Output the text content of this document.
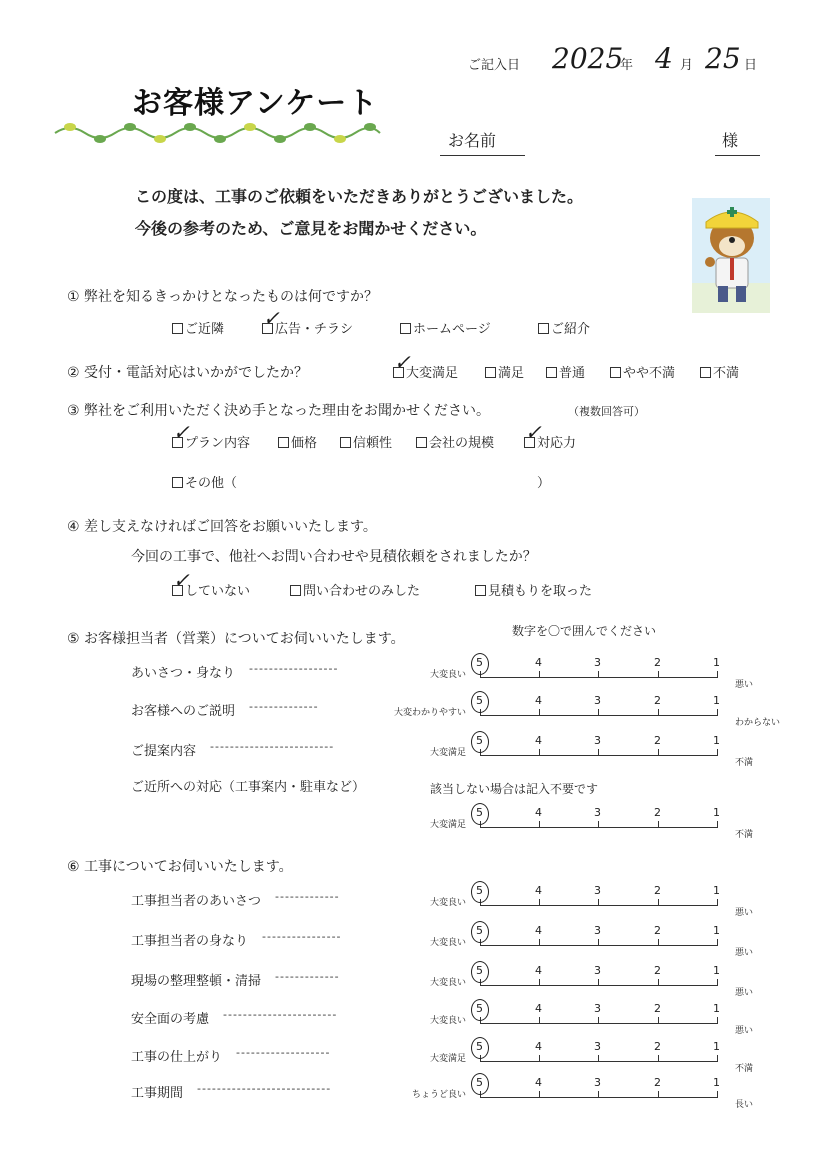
ご記入日 2025
年 4 月 25 日
お客様アンケート
お名前	様
この度は、工事のご依頼をいただきありがとうございました。
今後の参考のため、ご意見をお聞かせください。
① 弊社を知るきっかけとなったものは何ですか？
ご近隣	広告・チラシ
✓	ホームページ	ご紹介
② 受付・電話対応はいかがでしたか？	大変満足
✓	満足	普通	やや不満	不満
③ 弊社をご利用いただく決め手となった理由をお聞かせください。	（複数回答可）
プラン内容
✓	価格	信頼性	会社の規模	対応力
✓
その他（	）
④ 差し支えなければご回答をお願いいたします。
今回の工事で、他社へお問い合わせや見積依頼をされましたか？
していない
✓	問い合わせのみした	見積もりを取った
⑤ お客様担当者（営業）についてお伺いいたします。	数字を〇で囲んでください
該当しない場合は記入不要です
あいさつ・身なり ------------------	大変良い
5	4	3	2	1
悪い
お客様へのご説明 --------------	大変わかりやすい
5	4	3	2	1
わからない
ご提案内容 -------------------------	大変満足
5	4	3	2	1
不満
ご近所への対応（工事案内・駐車など）
大変満足
5	4	3	2	1
不満
⑥ 工事についてお伺いいたします。
工事担当者のあいさつ -------------	大変良い
5	4	3	2	1
悪い
工事担当者の身なり ----------------	大変良い
5	4	3	2	1
悪い
現場の整理整頓・清掃 -------------	大変良い
5	4	3	2	1
悪い
安全面の考慮 -----------------------	大変良い
5	4	3	2	1
悪い
工事の仕上がり -------------------	大変満足
5	4	3	2	1
不満
工事期間 ---------------------------	ちょうど良い
5	4	3	2	1
長い
